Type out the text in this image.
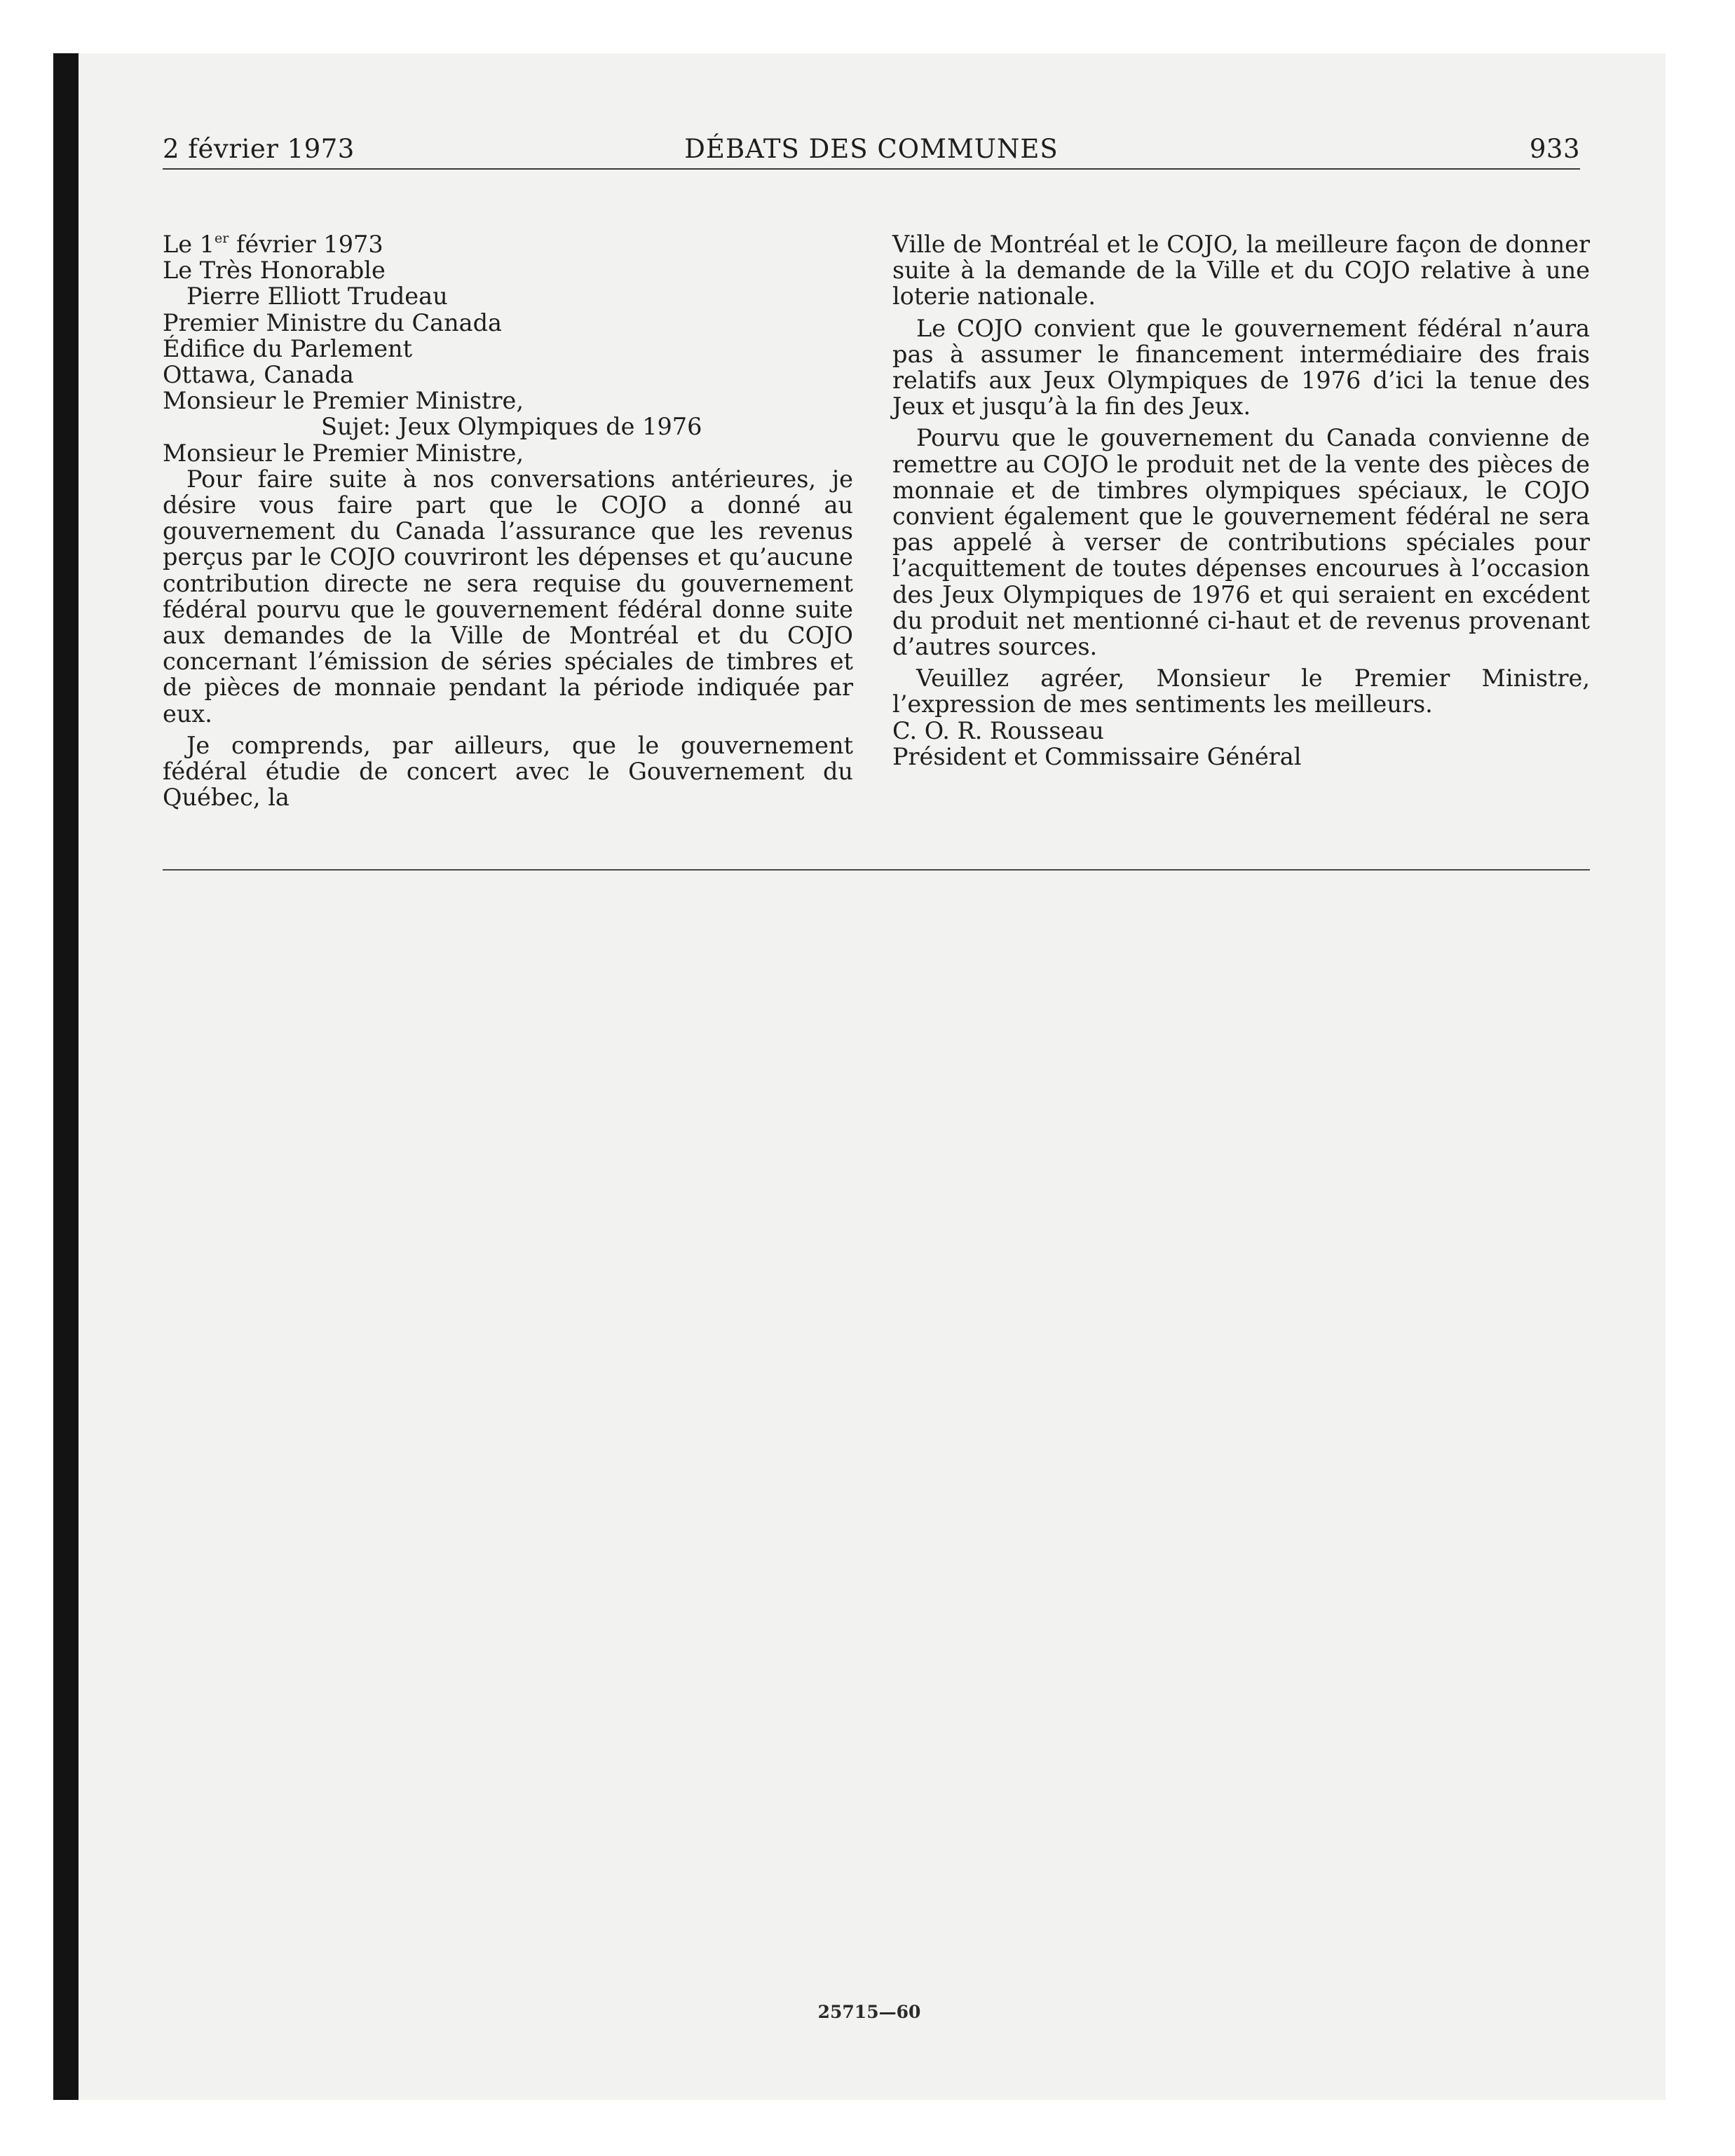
2 février 1973	DÉBATS DES COMMUNES	933

Le 1er février 1973

Le Très Honorable

Pierre Elliott Trudeau

Premier Ministre du Canada

Édifice du Parlement

Ottawa, Canada

Monsieur le Premier Ministre,

Sujet: Jeux Olympiques de 1976

Monsieur le Premier Ministre,

Pour faire suite à nos conversations antérieures, je désire vous faire part que le COJO a donné au gouvernement du Canada l’assurance que les revenus perçus par le COJO couvriront les dépenses et qu’aucune contribution directe ne sera requise du gouvernement fédéral pourvu que le gouvernement fédéral donne suite aux demandes de la Ville de Montréal et du COJO concernant l’émission de séries spéciales de timbres et de pièces de monnaie pendant la période indiquée par eux.

Je comprends, par ailleurs, que le gouvernement fédéral étudie de concert avec le Gouvernement du Québec, la

Ville de Montréal et le COJO, la meilleure façon de donner suite à la demande de la Ville et du COJO relative à une loterie nationale.

Le COJO convient que le gouvernement fédéral n’aura pas à assumer le financement intermédiaire des frais relatifs aux Jeux Olympiques de 1976 d’ici la tenue des Jeux et jusqu’à la fin des Jeux.

Pourvu que le gouvernement du Canada convienne de remettre au COJO le produit net de la vente des pièces de monnaie et de timbres olympiques spéciaux, le COJO convient également que le gouvernement fédéral ne sera pas appelé à verser de contributions spéciales pour l’acquittement de toutes dépenses encourues à l’occasion des Jeux Olympiques de 1976 et qui seraient en excédent du produit net mentionné ci-haut et de revenus provenant d’autres sources.

Veuillez agréer, Monsieur le Premier Ministre, l’expression de mes sentiments les meilleurs.

C. O. R. Rousseau

Président et Commissaire Général

25715—60
